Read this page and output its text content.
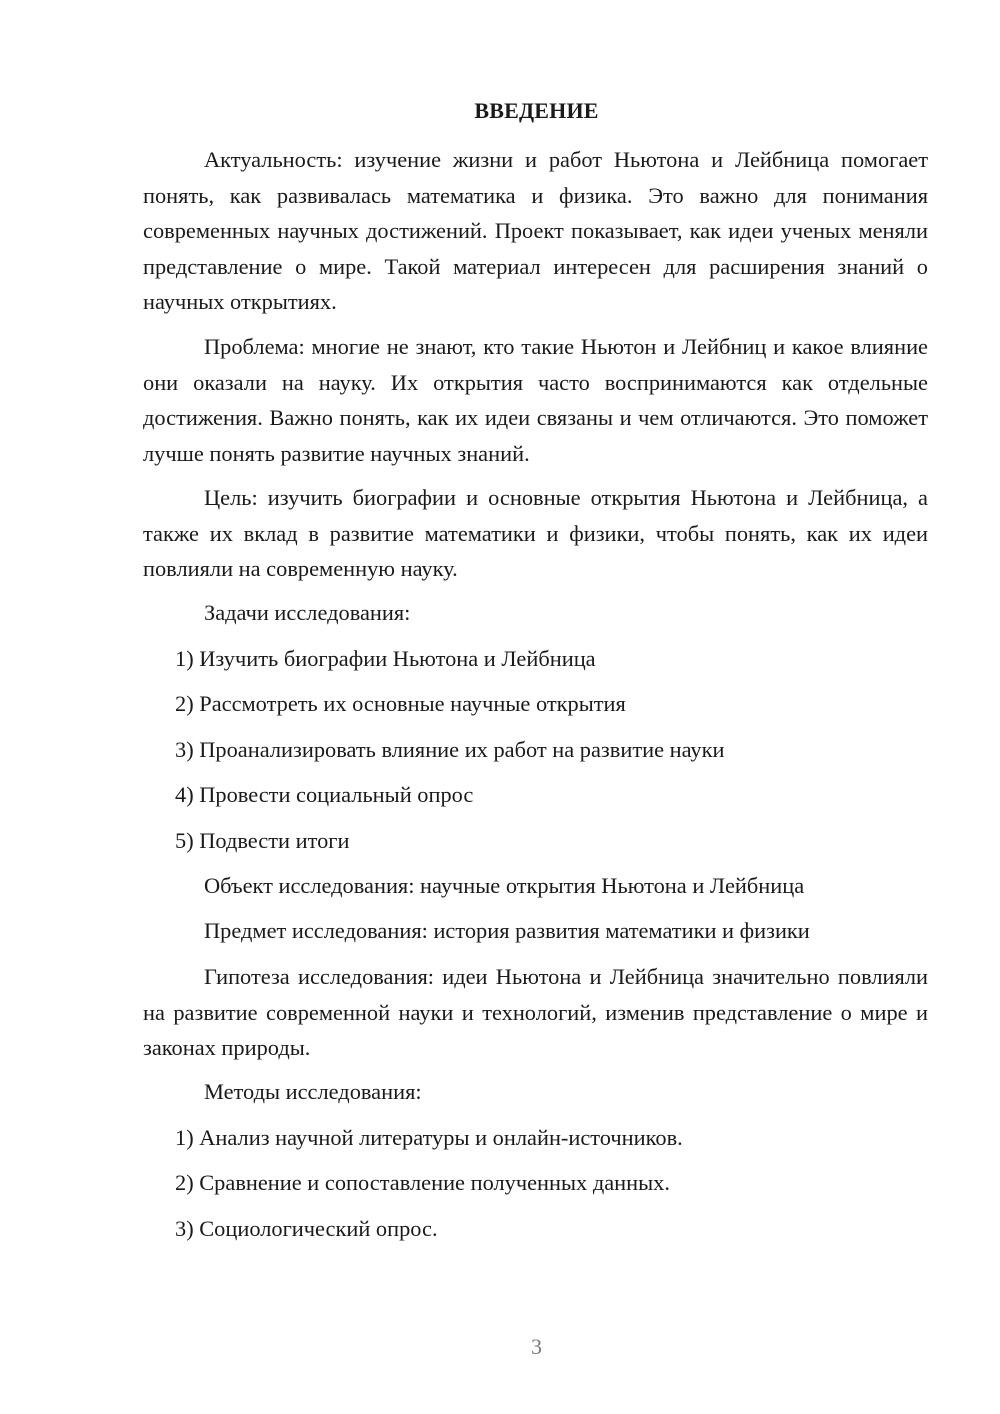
ВВЕДЕНИЕ

Актуальность: изучение жизни и работ Ньютона и Лейбница помогает понять, как развивалась математика и физика. Это важно для понимания современных научных достижений. Проект показывает, как идеи ученых меняли представление о мире. Такой материал интересен для расширения знаний о научных открытиях.

Проблема: многие не знают, кто такие Ньютон и Лейбниц и какое влияние они оказали на науку. Их открытия часто воспринимаются как отдельные достижения. Важно понять, как их идеи связаны и чем отличаются. Это поможет лучше понять развитие научных знаний.

Цель: изучить биографии и основные открытия Ньютона и Лейбница, а также их вклад в развитие математики и физики, чтобы понять, как их идеи повлияли на современную науку.

Задачи исследования:

1) Изучить биографии Ньютона и Лейбница

2) Рассмотреть их основные научные открытия

3) Проанализировать влияние их работ на развитие науки

4) Провести социальный опрос

5) Подвести итоги

Объект исследования: научные открытия Ньютона и Лейбница

Предмет исследования: история развития математики и физики

Гипотеза исследования: идеи Ньютона и Лейбница значительно повлияли на развитие современной науки и технологий, изменив представление о мире и законах природы.

Методы исследования:

1) Анализ научной литературы и онлайн-источников.

2) Сравнение и сопоставление полученных данных.

3) Социологический опрос.

3
